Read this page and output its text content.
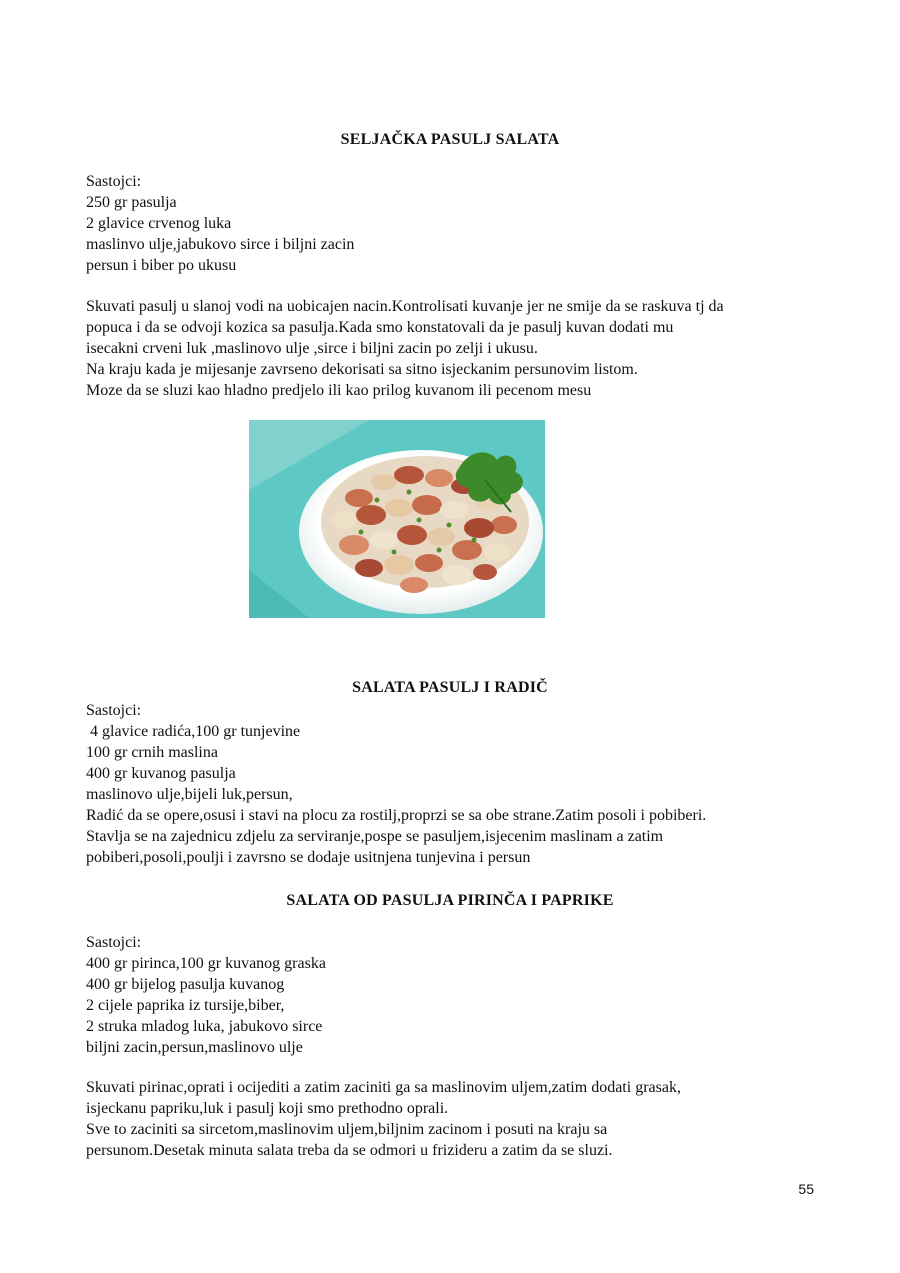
SELJAČKA PASULJ SALATA
Sastojci:
250 gr pasulja
2 glavice crvenog luka
maslinvo ulje,jabukovo sirce i biljni zacin
persun i biber po ukusu
Skuvati pasulj u slanoj vodi na uobicajen nacin.Kontrolisati kuvanje jer ne smije da se raskuva tj da
popuca i da se odvoji kozica sa pasulja.Kada smo konstatovali da je pasulj kuvan dodati mu
isecakni crveni luk ,maslinovo ulje ,sirce i biljni zacin po zelji i ukusu.
Na kraju kada je mijesanje zavrseno dekorisati sa sitno isjeckanim persunovim listom.
Moze da se sluzi kao hladno predjelo ili kao prilog kuvanom ili pecenom mesu
SALATA PASULJ I RADIČ
Sastojci:
4 glavice radića,100 gr tunjevine
100 gr crnih maslina
400 gr kuvanog pasulja
maslinovo ulje,bijeli luk,persun,
Radić da se opere,osusi i stavi na plocu za rostilj,proprzi se sa obe strane.Zatim posoli i pobiberi.
Stavlja se na zajednicu zdjelu za serviranje,pospe se pasuljem,isjecenim maslinam a zatim
pobiberi,posoli,poulji i zavrsno se dodaje usitnjena tunjevina i persun
SALATA OD PASULJA PIRINČA I PAPRIKE
Sastojci:
400 gr pirinca,100 gr kuvanog graska
400 gr bijelog pasulja kuvanog
2 cijele paprika iz tursije,biber,
2 struka mladog luka, jabukovo sirce
biljni zacin,persun,maslinovo ulje
Skuvati pirinac,oprati i ocijediti a zatim zaciniti ga sa maslinovim uljem,zatim dodati grasak,
isjeckanu papriku,luk i pasulj koji smo prethodno oprali.
Sve to zaciniti sa sircetom,maslinovim uljem,biljnim zacinom i posuti na kraju sa
persunom.Desetak minuta salata treba da se odmori u frizideru a zatim da se sluzi.
55
